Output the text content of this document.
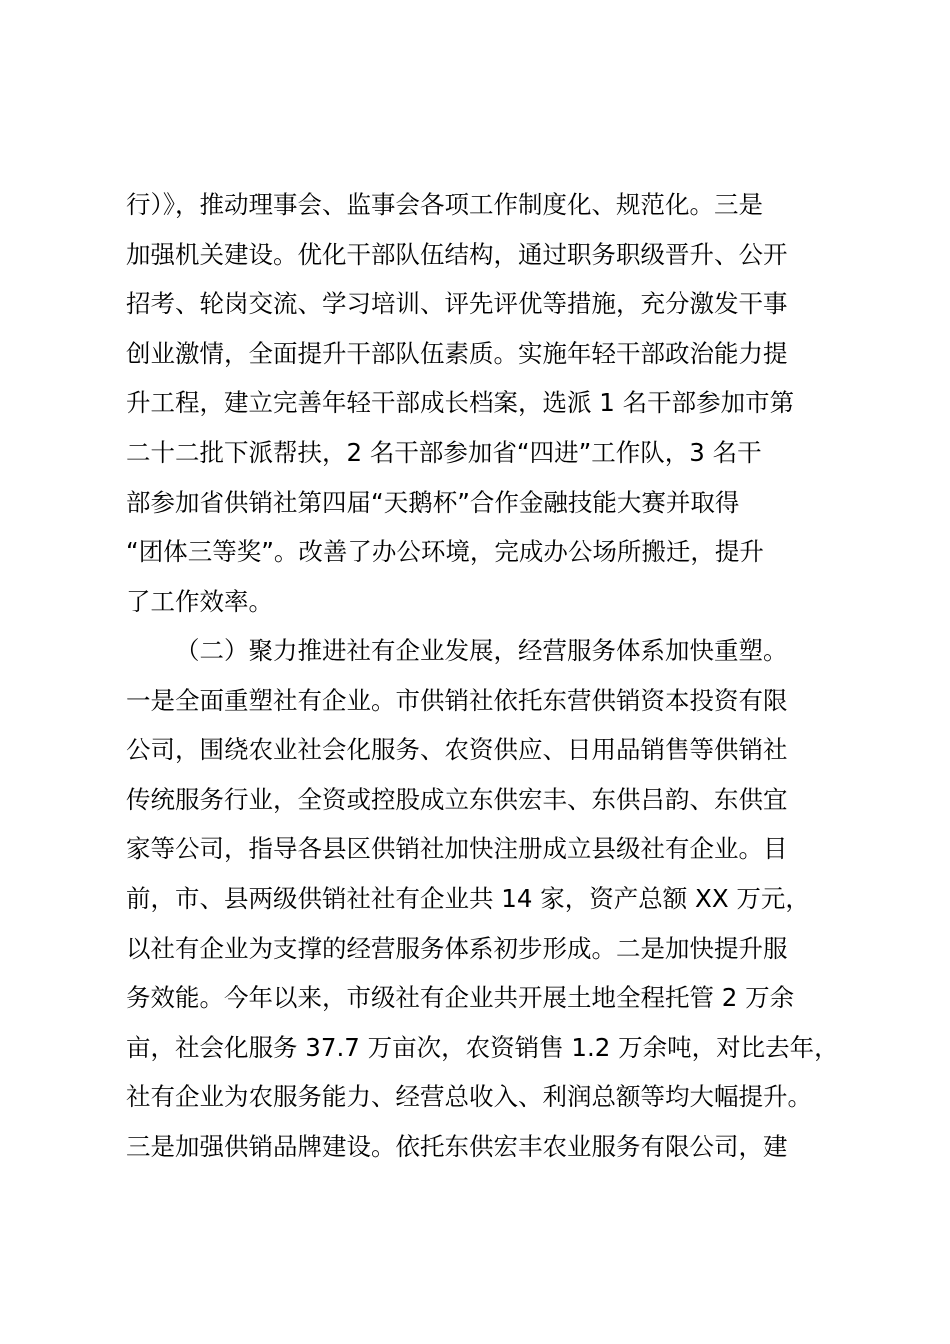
行）》，推动理事会、监事会各项工作制度化、规范化。三是
加强机关建设。优化干部队伍结构，通过职务职级晋升、公开
招考、轮岗交流、学习培训、评先评优等措施，充分激发干事
创业激情，全面提升干部队伍素质。实施年轻干部政治能力提
升工程，建立完善年轻干部成长档案，选派 1 名干部参加市第
二十二批下派帮扶，2 名干部参加省“四进”工作队，3 名干
部参加省供销社第四届“天鹅杯”合作金融技能大赛并取得
“团体三等奖”。改善了办公环境，完成办公场所搬迁，提升
了工作效率。
（二）聚力推进社有企业发展，经营服务体系加快重塑。
一是全面重塑社有企业。市供销社依托东营供销资本投资有限
公司，围绕农业社会化服务、农资供应、日用品销售等供销社
传统服务行业，全资或控股成立东供宏丰、东供吕韵、东供宜
家等公司，指导各县区供销社加快注册成立县级社有企业。目
前，市、县两级供销社社有企业共 14 家，资产总额 XX 万元，
以社有企业为支撑的经营服务体系初步形成。二是加快提升服
务效能。今年以来，市级社有企业共开展土地全程托管 2 万余
亩，社会化服务 37.7 万亩次，农资销售 1.2 万余吨，对比去年，
社有企业为农服务能力、经营总收入、利润总额等均大幅提升。
三是加强供销品牌建设。依托东供宏丰农业服务有限公司，建
